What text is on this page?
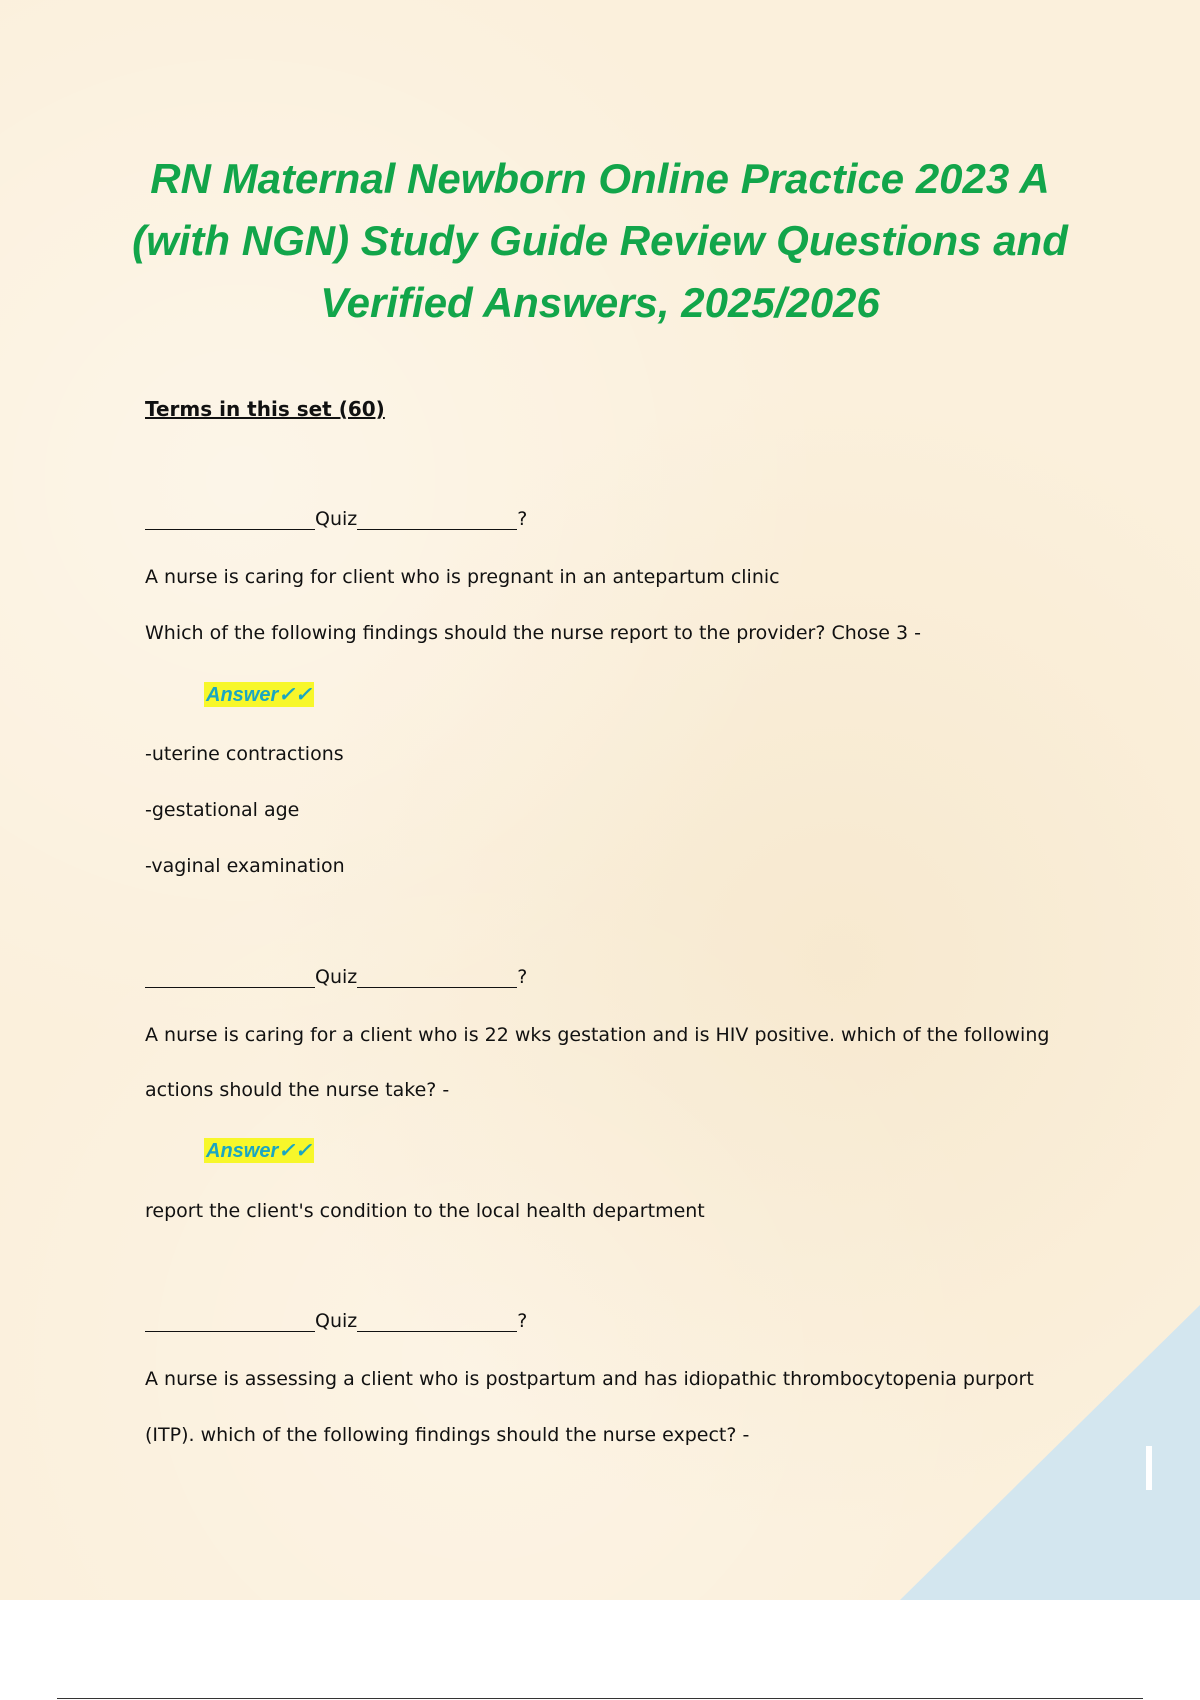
RN Maternal Newborn Online Practice 2023 A (with NGN) Study Guide Review Questions and Verified Answers, 2025/2026

Terms in this set (60)

Quiz	?

A nurse is caring for client who is pregnant in an antepartum clinic

Which of the following findings should the nurse report to the provider? Chose 3 -

Answer✓✓

-uterine contractions

-gestational age

-vaginal examination

Quiz	?

A nurse is caring for a client who is 22 wks gestation and is HIV positive. which of the following

actions should the nurse take? -

Answer✓✓

report the client's condition to the local health department

Quiz	?

A nurse is assessing a client who is postpartum and has idiopathic thrombocytopenia purport

(ITP). which of the following findings should the nurse expect? -
